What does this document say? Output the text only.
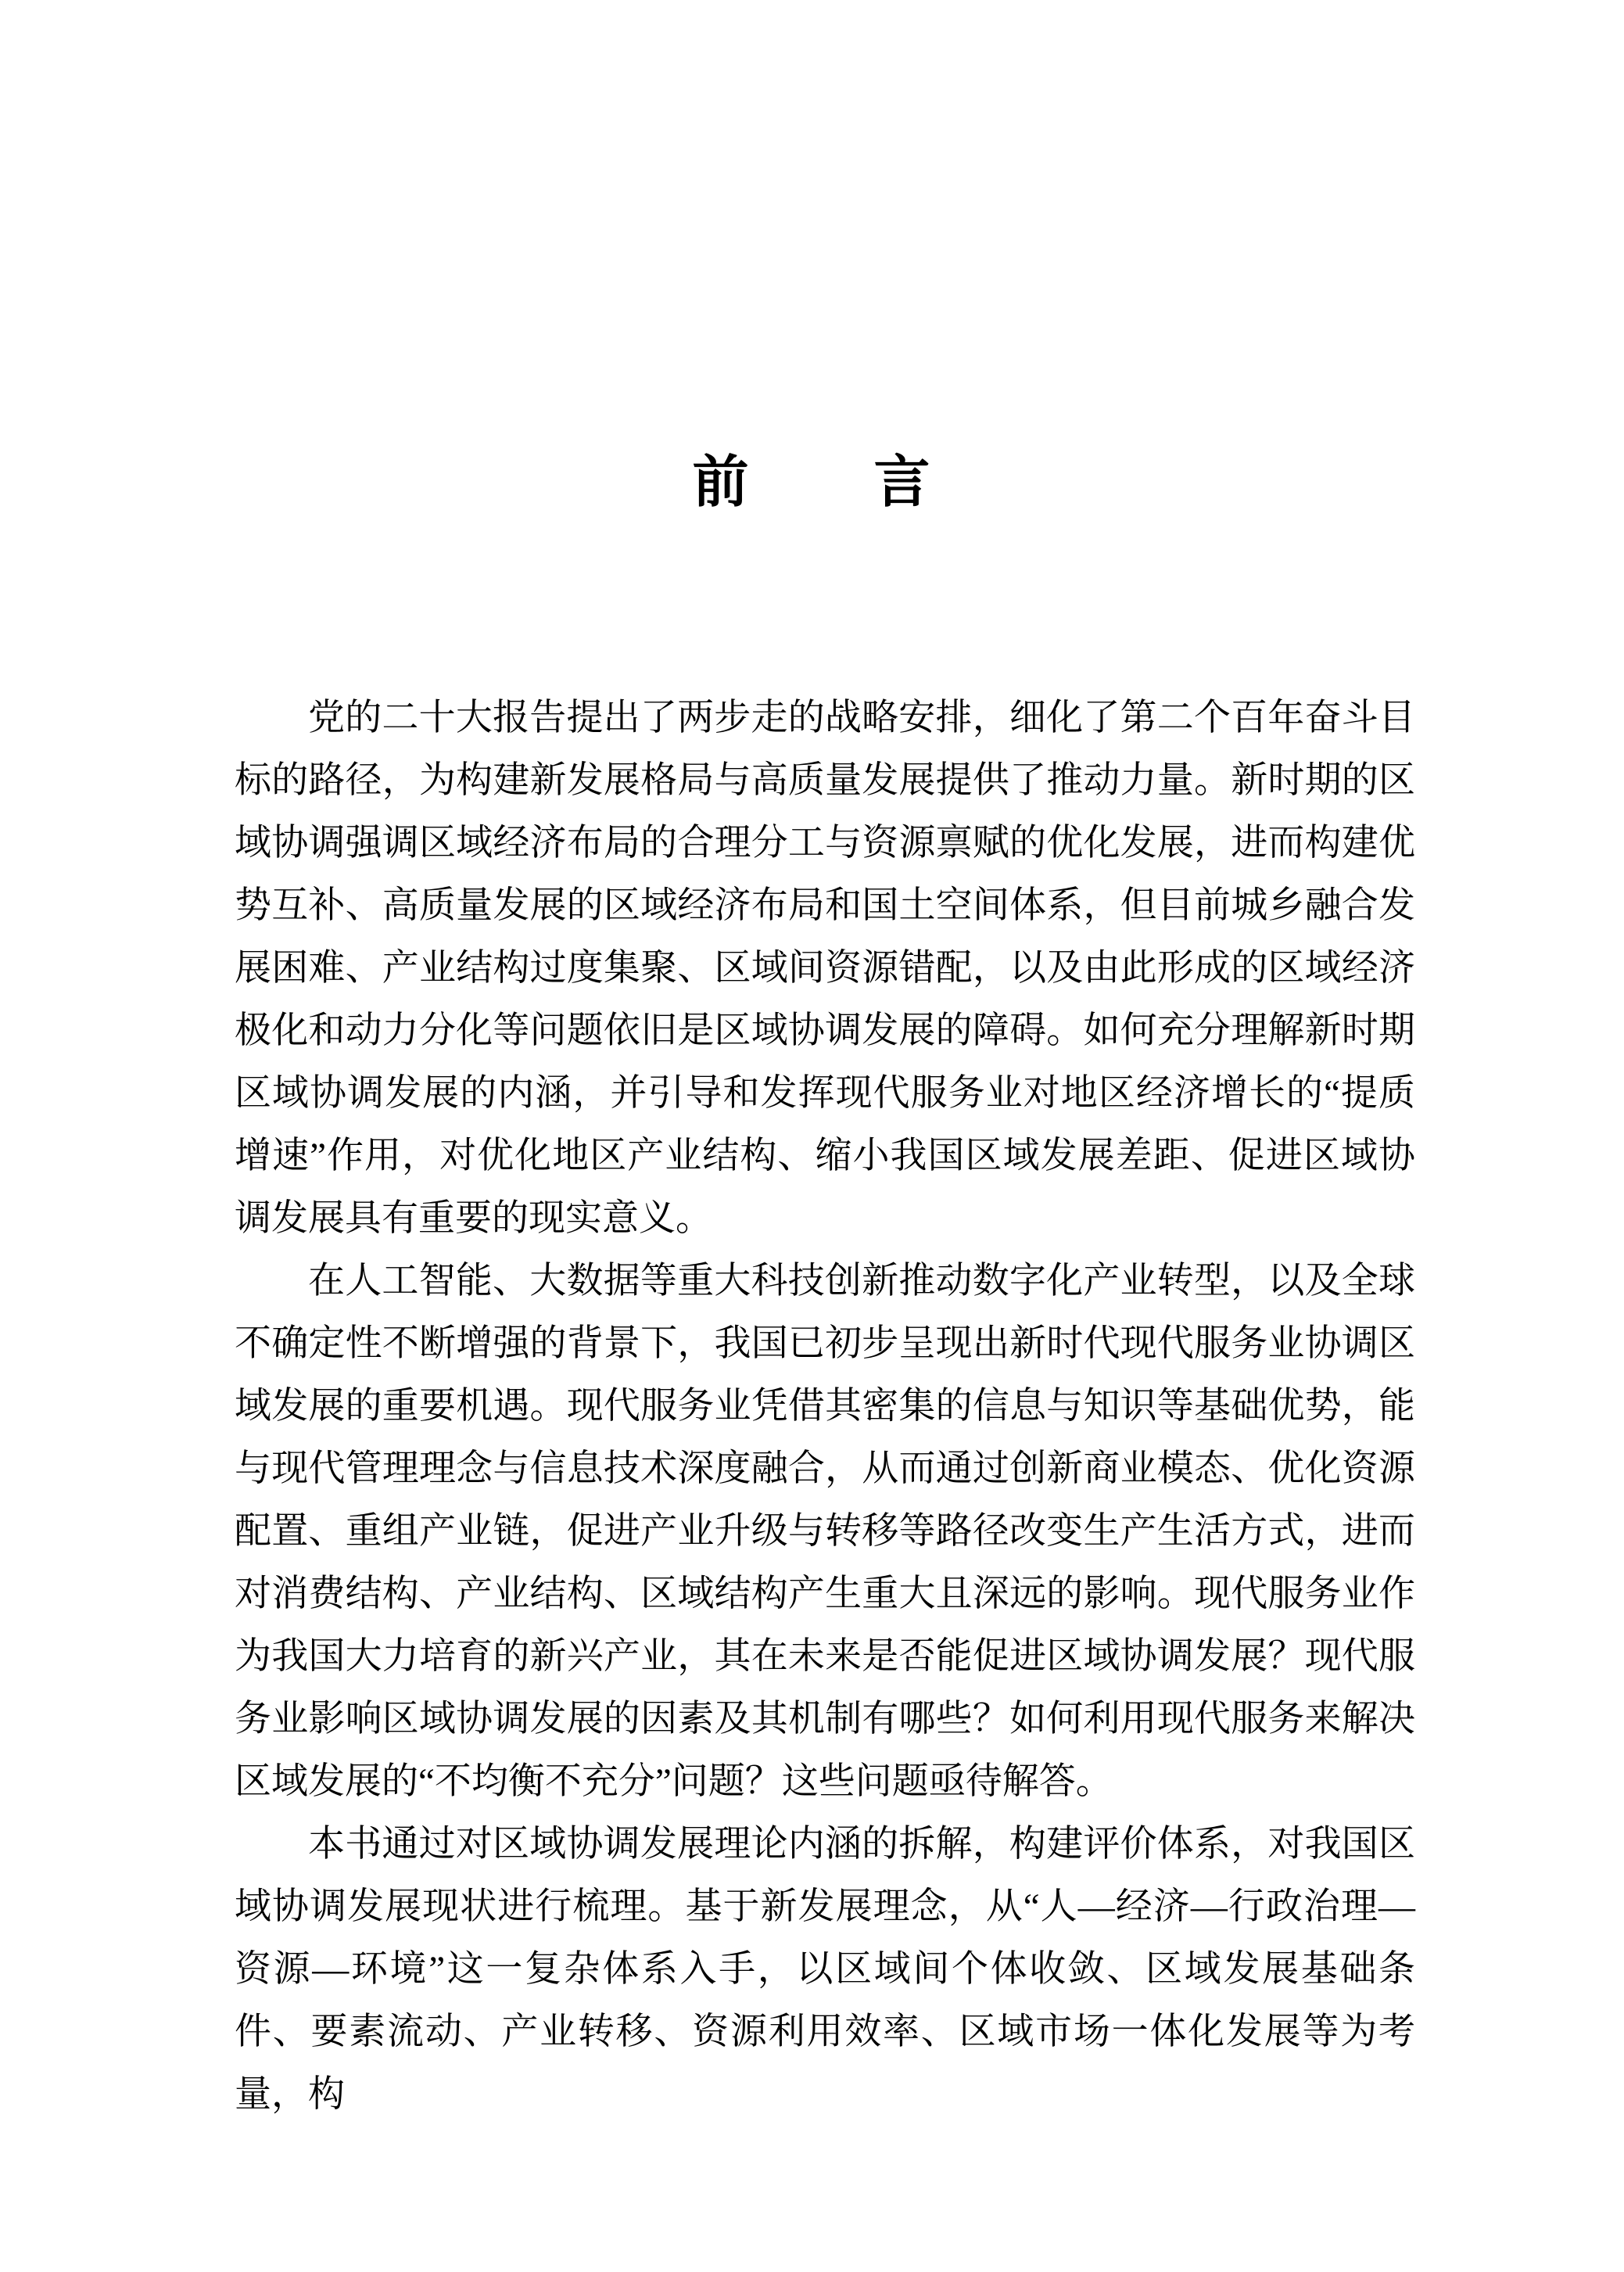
前 言

党的二十大报告提出了两步走的战略安排，细化了第二个百年奋斗目标的路径，为构建新发展格局与高质量发展提供了推动力量。新时期的区域协调强调区域经济布局的合理分工与资源禀赋的优化发展，进而构建优势互补、高质量发展的区域经济布局和国土空间体系，但目前城乡融合发展困难、产业结构过度集聚、区域间资源错配，以及由此形成的区域经济极化和动力分化等问题依旧是区域协调发展的障碍。如何充分理解新时期区域协调发展的内涵，并引导和发挥现代服务业对地区经济增长的“提质增速”作用，对优化地区产业结构、缩小我国区域发展差距、促进区域协调发展具有重要的现实意义。

在人工智能、大数据等重大科技创新推动数字化产业转型，以及全球不确定性不断增强的背景下，我国已初步呈现出新时代现代服务业协调区域发展的重要机遇。现代服务业凭借其密集的信息与知识等基础优势，能与现代管理理念与信息技术深度融合，从而通过创新商业模态、优化资源配置、重组产业链，促进产业升级与转移等路径改变生产生活方式，进而对消费结构、产业结构、区域结构产生重大且深远的影响。现代服务业作为我国大力培育的新兴产业，其在未来是否能促进区域协调发展？现代服务业影响区域协调发展的因素及其机制有哪些？如何利用现代服务来解决区域发展的“不均衡不充分”问题？这些问题亟待解答。

本书通过对区域协调发展理论内涵的拆解，构建评价体系，对我国区域协调发展现状进行梳理。基于新发展理念，从“人—经济—行政治理—资源—环境”这一复杂体系入手，以区域间个体收敛、区域发展基础条件、要素流动、产业转移、资源利用效率、区域市场一体化发展等为考量，构
